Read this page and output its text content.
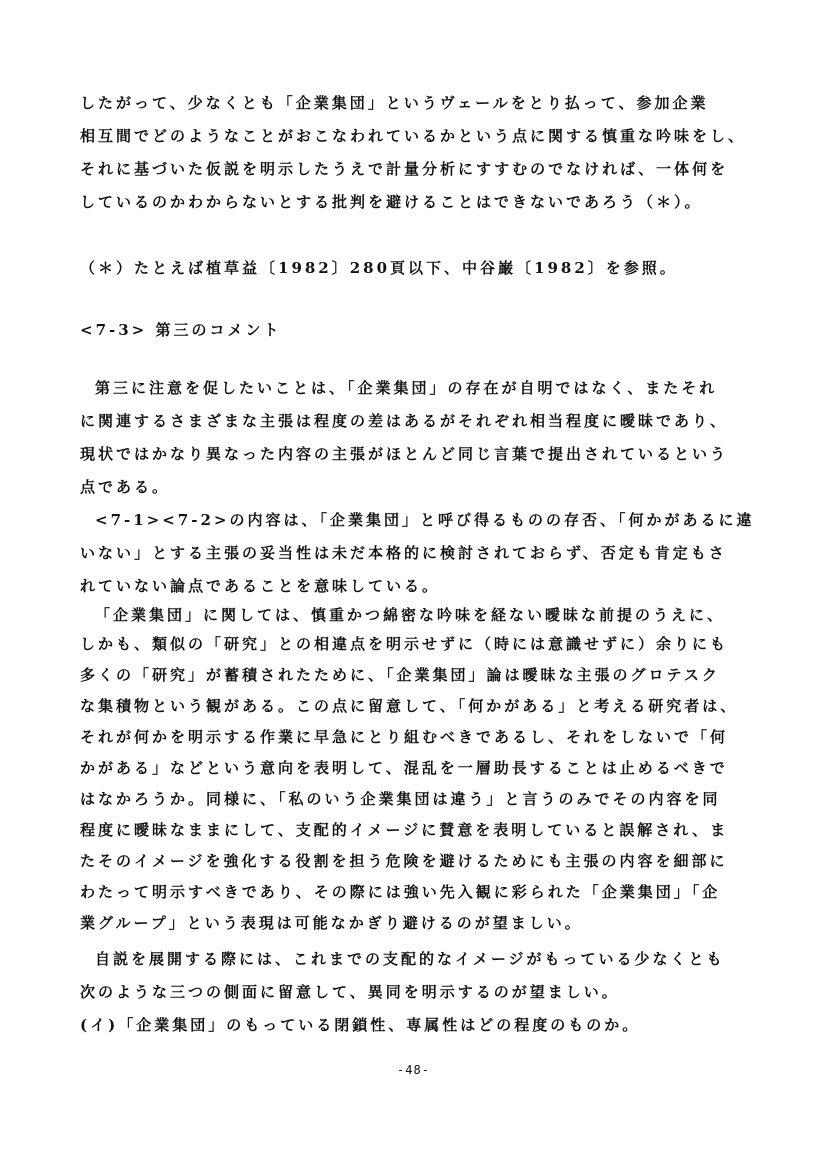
したがって、少なくとも「企業集団」というヴェールをとり払って、参加企業
相互間でどのようなことがおこなわれているかという点に関する慎重な吟味をし、
それに基づいた仮説を明示したうえで計量分析にすすむのでなければ、一体何を
しているのかわからないとする批判を避けることはできないであろう（＊）。
（＊）たとえば植草益〔1982〕280頁以下、中谷巌〔1982〕を参照。
<7-3> 第三のコメント
第三に注意を促したいことは、「企業集団」の存在が自明ではなく、またそれ
に関連するさまざまな主張は程度の差はあるがそれぞれ相当程度に曖昧であり、
現状ではかなり異なった内容の主張がほとんど同じ言葉で提出されているという
点である。
<7-1><7-2>の内容は、「企業集団」と呼び得るものの存否、「何かがあるに違
いない」とする主張の妥当性は未だ本格的に検討されておらず、否定も肯定もさ
れていない論点であることを意味している。
「企業集団」に関しては、慎重かつ綿密な吟味を経ない曖昧な前提のうえに、
しかも、類似の「研究」との相違点を明示せずに（時には意識せずに）余りにも
多くの「研究」が蓄積されたために、「企業集団」論は曖昧な主張のグロテスク
な集積物という観がある。この点に留意して、「何かがある」と考える研究者は、
それが何かを明示する作業に早急にとり組むべきであるし、それをしないで「何
かがある」などという意向を表明して、混乱を一層助長することは止めるべきで
はなかろうか。同様に、「私のいう企業集団は違う」と言うのみでその内容を同
程度に曖昧なままにして、支配的イメージに賛意を表明していると誤解され、ま
たそのイメージを強化する役割を担う危険を避けるためにも主張の内容を細部に
わたって明示すべきであり、その際には強い先入観に彩られた「企業集団」「企
業グループ」という表現は可能なかぎり避けるのが望ましい。
自説を展開する際には、これまでの支配的なイメージがもっている少なくとも
次のような三つの側面に留意して、異同を明示するのが望ましい。
(イ)「企業集団」のもっている閉鎖性、専属性はどの程度のものか。
-48-
